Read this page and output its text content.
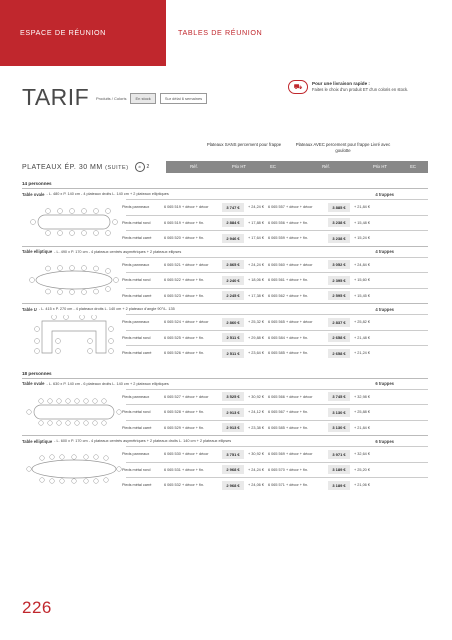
ESPACE DE RÉUNION	TABLES DE RÉUNION
TARIF Produits / Coloris	En stock	Sur délai 6 semaines
⛟	Pour une livraison rapide :
Faites le choix d'un produit ET d'un coloris en stock.
Plateaux SANS percement pour frappe	Plateaux AVEC percement pour frappe Livré avec goulotte
PLATEAUX ÉP. 30 MM (SUITE)	♻	2	Réf.	Prix HT	EC	Réf.	Prix HT	EC
14 personnes
Table ovale - L. 480 x P. 140 cm - 4 plateaux droits L. 140 cm + 2 plateaux elliptiques	4 trappes
Pieds panneaux	6 065 519 + décor + décor	3 747 €	+ 24,24 €	6 065 557 + décor + décor	3 885 €	+ 21,84 €
Pieds métal rond	6 065 519 + décor + fin.	2 884 €	+ 17,88 €	6 065 556 + décor + fin.	3 238 €	+ 15,48 €
Pieds métal carré	6 065 520 + décor + fin.	2 946 €	+ 17,64 €	6 065 559 + décor + fin.	3 238 €	+ 15,24 €
Table elliptique - L. 490 x P. 170 cm - 4 plateaux centrés asymétriques + 2 plateaux ellipses	4 trappes
Pieds panneaux	6 065 521 + décor + décor	2 865 €	+ 24,24 €	6 065 560 + décor + décor	3 052 €	+ 24,84 €
Pieds métal rond	6 065 522 + décor + fin.	2 240 €	+ 18,06 €	6 065 561 + décor + fin.	2 395 €	+ 15,60 €
Pieds métal carré	6 065 523 + décor + fin.	2 245 €	+ 17,38 €	6 065 562 + décor + fin.	2 595 €	+ 15,45 €
Table U - L. 415 x P. 270 cm - 4 plateaux droits L. 140 cm + 2 plateaux d'angle 90°/L. 135	4 trappes
Pieds panneaux	6 065 524 + décor + décor	2 860 €	+ 25,32 €	6 065 565 + décor + décor	2 837 €	+ 25,82 €
Pieds métal rond	6 065 525 + décor + fin.	2 511 €	+ 29,88 €	6 065 584 + décor + fin.	2 658 €	+ 21,48 €
Pieds métal carré	6 065 526 + décor + fin.	2 511 €	+ 23,64 €	6 065 585 + décor + fin.	2 658 €	+ 21,24 €
18 personnes
Table ovale - L. 630 x P. 140 cm - 6 plateaux droits L. 140 cm + 2 plateaux elliptiques	6 trappes
Pieds panneaux	6 065 527 + décor + décor	3 525 €	+ 30,92 €	6 065 566 + décor + décor	3 745 €	+ 32,98 €
Pieds métal rond	6 065 528 + décor + fin.	2 913 €	+ 24,12 €	6 065 567 + décor + fin.	3 130 €	+ 25,88 €
Pieds métal carré	6 065 529 + décor + fin.	2 913 €	+ 23,38 €	6 065 585 + décor + fin.	3 130 €	+ 21,84 €
Table elliptique - L. 600 x P. 170 cm - 4 plateaux centrés asymétriques + 2 plateaux droits L. 140 cm + 2 plateaux ellipses	6 trappes
Pieds panneaux	6 065 530 + décor + décor	3 751 €	+ 30,92 €	6 065 569 + décor + décor	3 971 €	+ 32,64 €
Pieds métal rond	6 065 531 + décor + fin.	2 968 €	+ 24,24 €	6 065 570 + décor + fin.	3 189 €	+ 25,20 €
Pieds métal carré	6 065 532 + décor + fin.	2 968 €	+ 24,06 €	6 065 571 + décor + fin.	3 189 €	+ 21,06 €
226
